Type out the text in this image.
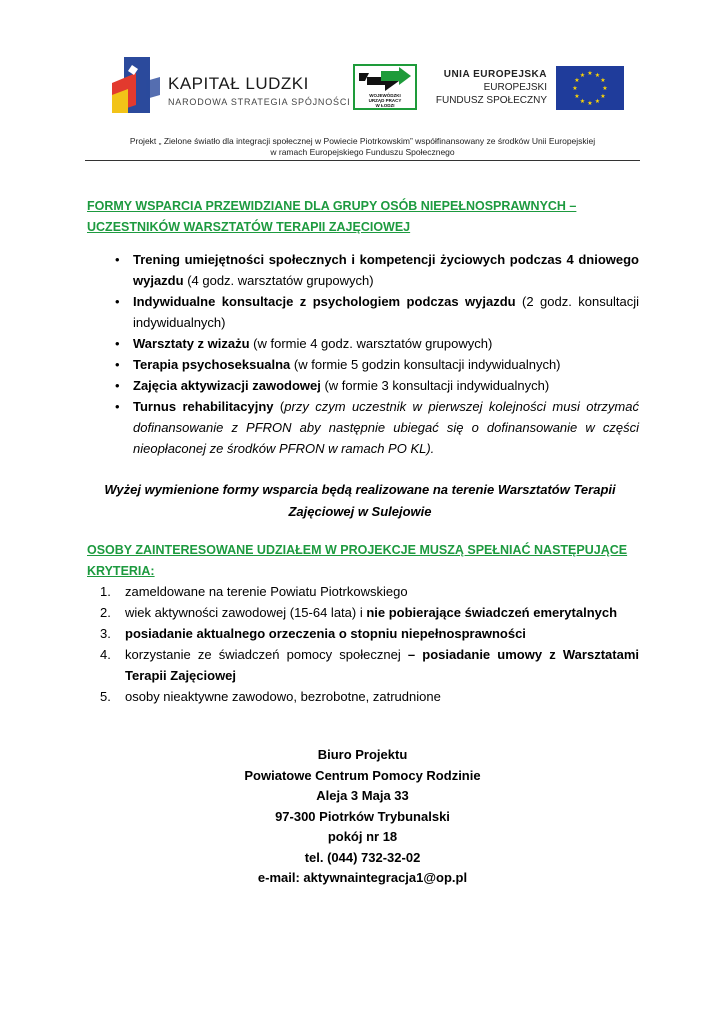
KAPITAŁ LUDZKI
NARODOWA STRATEGIA SPÓJNOŚCI
WOJEWÓDZKI
URZĄD PRACY
W ŁODZI
UNIA EUROPEJSKA
EUROPEJSKI
FUNDUSZ SPOŁECZNY
★ ★
★
★
★
★
★
★
★
★
★
★
Projekt „ Zielone światło dla integracji społecznej w Powiecie Piotrkowskim” współfinansowany ze środków Unii Europejskiej
w ramach Europejskiego Funduszu Społecznego
FORMY WSPARCIA PRZEWIDZIANE DLA GRUPY OSÓB NIEPEŁNOSPRAWNYCH –
UCZESTNIKÓW WARSZTATÓW TERAPII ZAJĘCIOWEJ
• Trening umiejętności społecznych i kompetencji życiowych podczas 4 dniowego wyjazdu (4 godz. warsztatów grupowych)
• Indywidualne konsultacje z psychologiem podczas wyjazdu (2 godz. konsultacji indywidualnych)
• Warsztaty z wizażu (w formie 4 godz. warsztatów grupowych)
• Terapia psychoseksualna (w formie 5 godzin konsultacji indywidualnych)
• Zajęcia aktywizacji zawodowej (w formie 3 konsultacji indywidualnych)
• Turnus rehabilitacyjny (przy czym uczestnik w pierwszej kolejności musi otrzymać dofinansowanie z PFRON aby następnie ubiegać się o dofinansowanie w części nieopłaconej ze środków PFRON w ramach PO KL).
Wyżej wymienione formy wsparcia będą realizowane na terenie Warsztatów Terapii
Zajęciowej w Sulejowie
OSOBY ZAINTERESOWANE UDZIAŁEM W PROJEKCJE MUSZĄ SPEŁNIAĆ NASTĘPUJĄCE
KRYTERIA:
1. zameldowane na terenie Powiatu Piotrkowskiego
2. wiek aktywności zawodowej (15-64 lata) i nie pobierające świadczeń emerytalnych
3. posiadanie aktualnego orzeczenia o stopniu niepełnosprawności
4. korzystanie ze świadczeń pomocy społecznej – posiadanie umowy z Warsztatami Terapii Zajęciowej
5. osoby nieaktywne zawodowo, bezrobotne, zatrudnione
Biuro Projektu
Powiatowe Centrum Pomocy Rodzinie
Aleja 3 Maja 33
97-300 Piotrków Trybunalski
pokój nr 18
tel. (044) 732-32-02
e-mail: aktywnaintegracja1@op.pl
